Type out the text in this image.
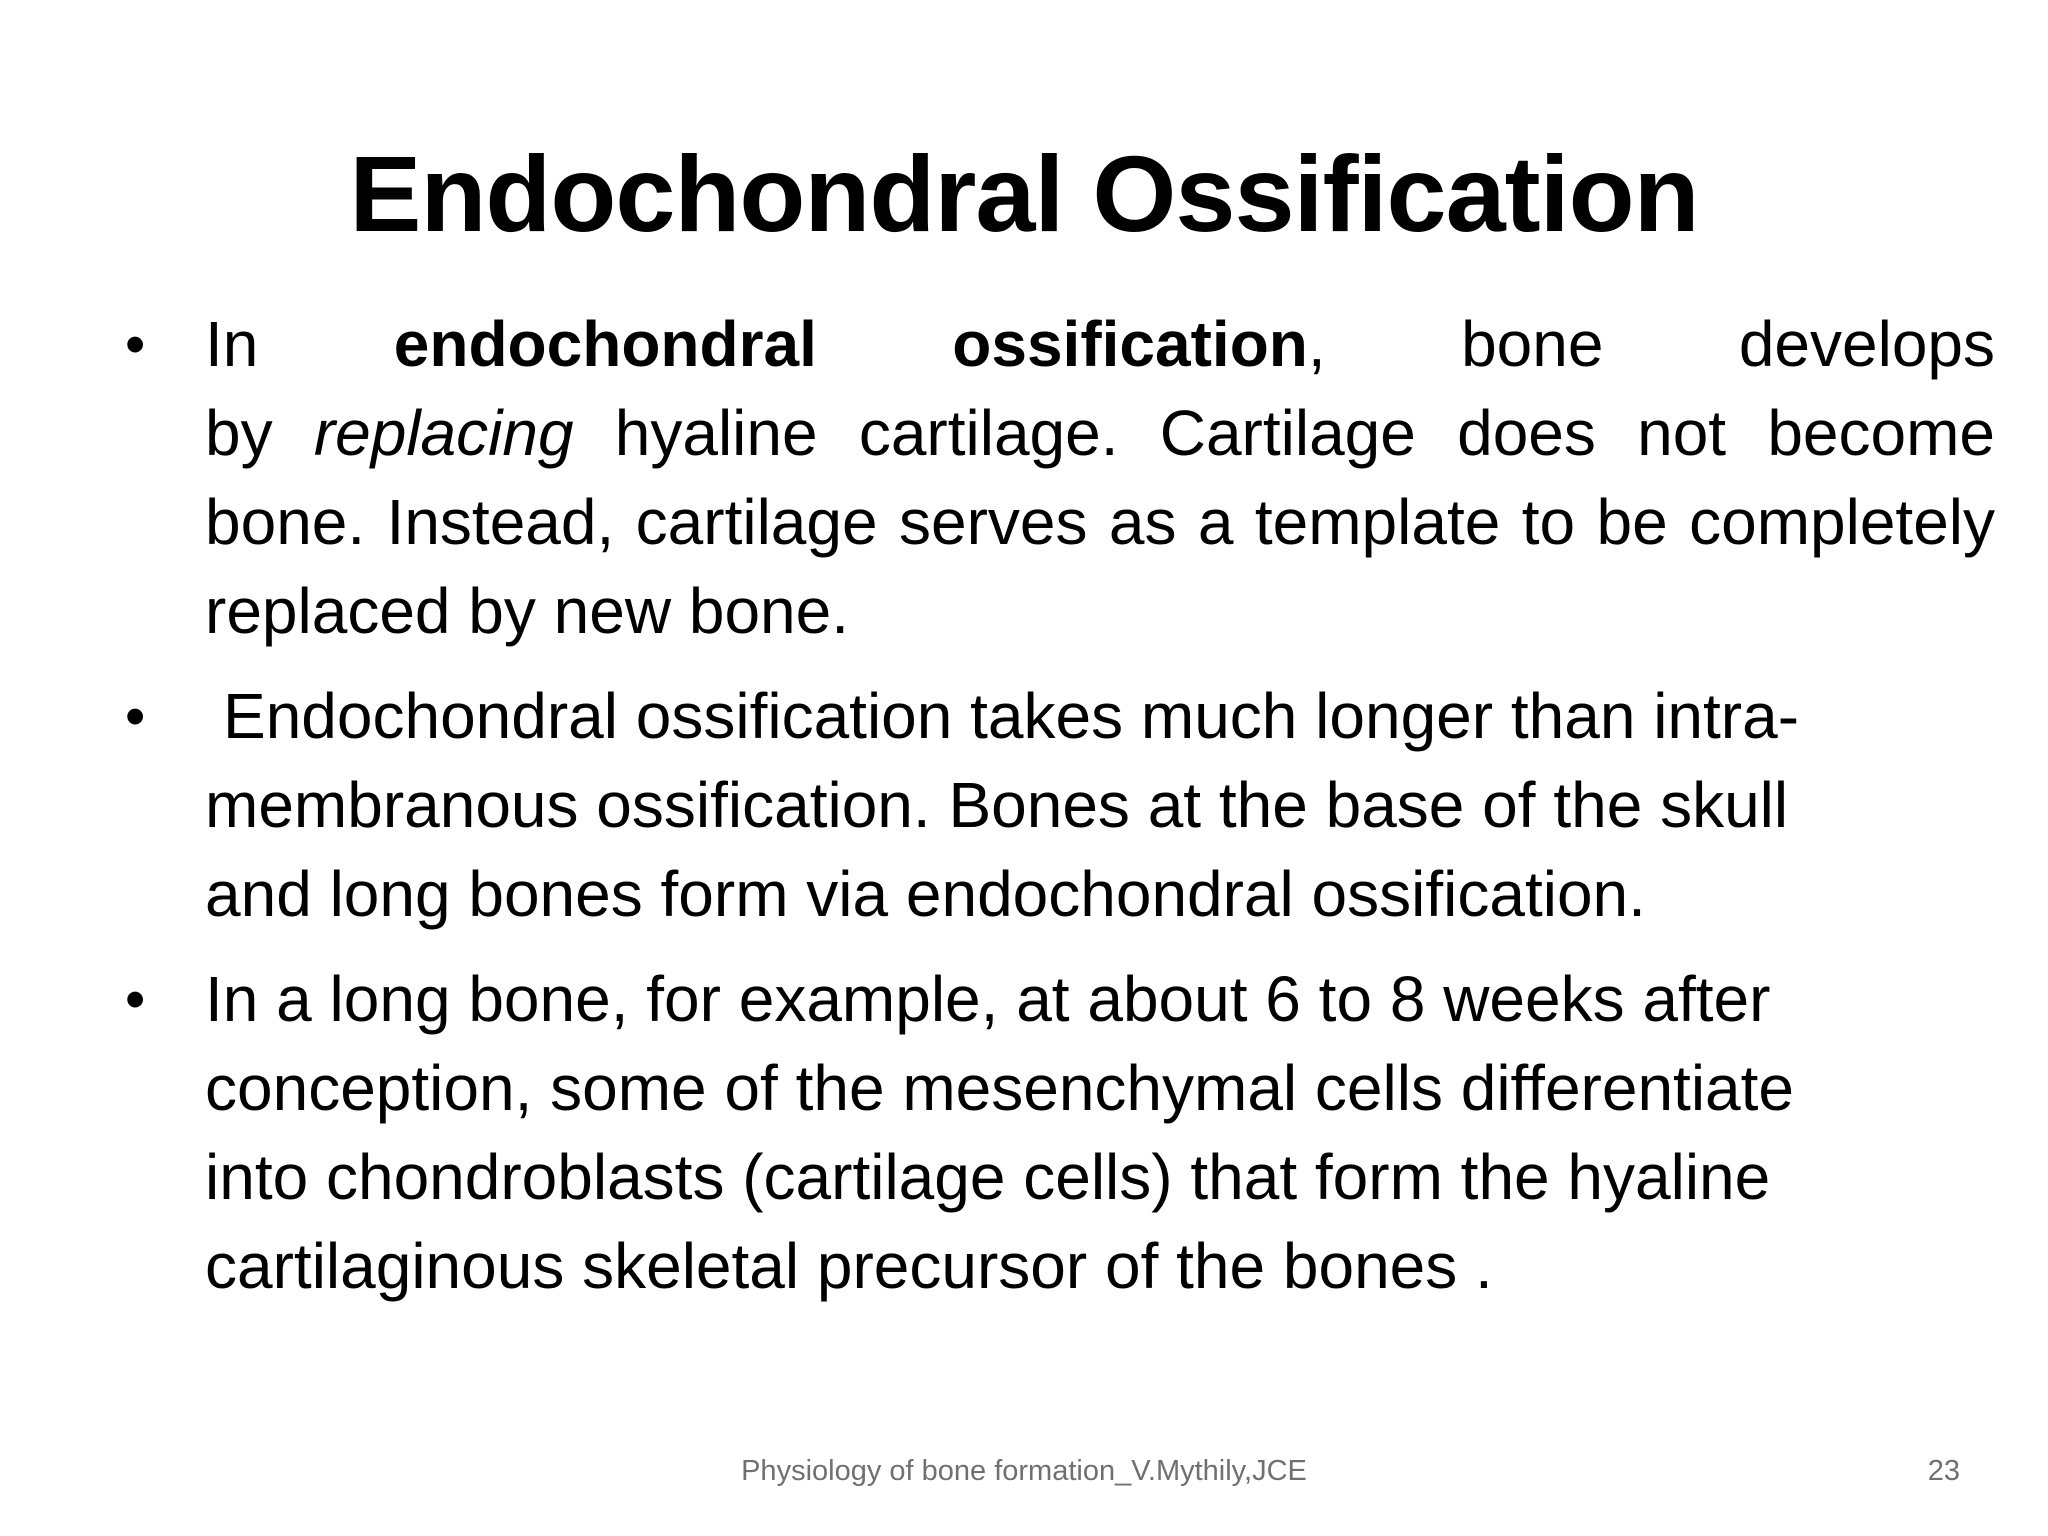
Endochondral Ossification
• In endochondral ossification, bone develops
by replacing hyaline cartilage. Cartilage does not become bone. Instead, cartilage serves as a template to be completely replaced by new bone.
• Endochondral ossification takes much longer than intra-
membranous ossification. Bones at the base of the skull
and long bones form via endochondral ossification.
• In a long bone, for example, at about 6 to 8 weeks after
conception, some of the mesenchymal cells differentiate
into chondroblasts (cartilage cells) that form the hyaline
cartilaginous skeletal precursor of the bones .
Physiology of bone formation_V.Mythily,JCE	23
